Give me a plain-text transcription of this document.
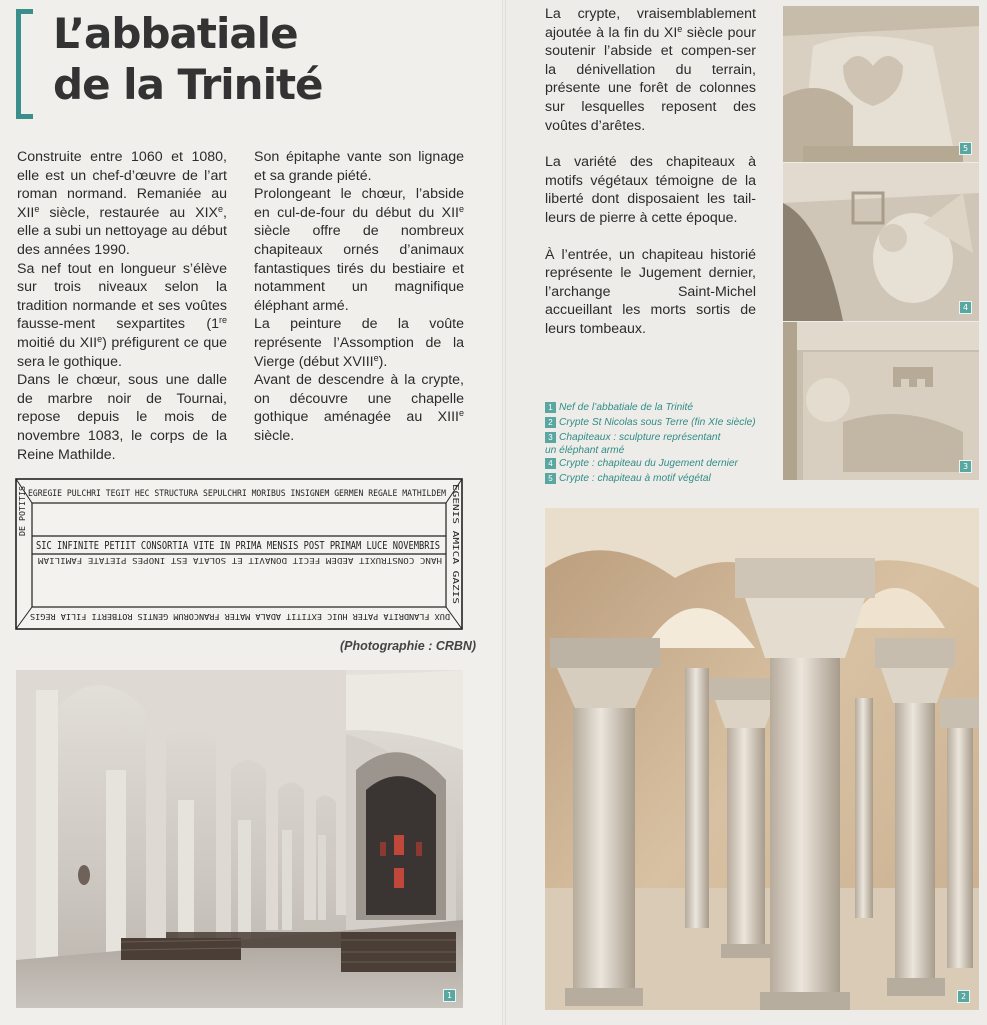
L’abbatiale
de la Trinité

Construite entre 1060 et 1080, elle est un chef-d’œuvre de l’art roman normand. Remaniée au XIIe siècle, restaurée au XIXe, elle a subi un nettoyage au début des années 1990.

Sa nef tout en longueur s’élève sur trois niveaux selon la tradition normande et ses voûtes fausse-ment sexpartites (1re moitié du XIIe) préfigurent ce que sera le gothique.

Dans le chœur, sous une dalle de marbre noir de Tournai, repose depuis le mois de novembre 1083, le corps de la Reine Mathilde.

Son épitaphe vante son lignage et sa grande piété.

Prolongeant le chœur, l’abside en cul-de-four du début du XIIe siècle offre de nombreux chapiteaux ornés d’animaux fantastiques tirés du bestiaire et notamment un magnifique éléphant armé.

La peinture de la voûte représente l’Assomption de la Vierge (début XVIIIe).

Avant de descendre à la crypte, on découvre une chapelle gothique aménagée au XIIIe siècle.

La crypte, vraisemblablement ajoutée à la fin du XIe siècle pour soutenir l’abside et compen-ser la dénivellation du terrain, présente une forêt de colonnes sur lesquelles reposent des voûtes d’arêtes.

La variété des chapiteaux à motifs végétaux témoigne de la liberté dont disposaient les tail-leurs de pierre à cette époque.

À l’entrée, un chapiteau historié représente le Jugement dernier, l’archange Saint-Michel accueillant les morts sortis de leurs tombeaux.

EGREGIE PULCHRI TEGIT HEC STRUCTURA SEPULCHRI MORIBUS INSIGNEM GERMEN REGALE MATHILDEM
SIC INFINITE PETIIT CONSORTIA VITE IN PRIMA MENSIS POST PRIMAM LUCE NOVEMBRIS
HANC CONSTRUXIT AEDEM FECIT DONAVIT ET SOLATA EST INOPES PIETATE FAMILIAM
DUX FLANDRITA PATER HUIC EXTITIT ADALA MATER FRANCORUM GENTIS ROTBERTI FILIA REGIS
EGENIS AMICA GAZIS
DE POTITIS
(Photographie : CRBN)
1
5
4
3
1 Nef de l’abbatiale de la Trinité
2 Crypte St Nicolas sous Terre (fin XIe siècle)
3 Chapiteaux : sculpture représentant
un éléphant armé
4 Crypte : chapiteau du Jugement dernier
5 Crypte : chapiteau à motif végétal
2
